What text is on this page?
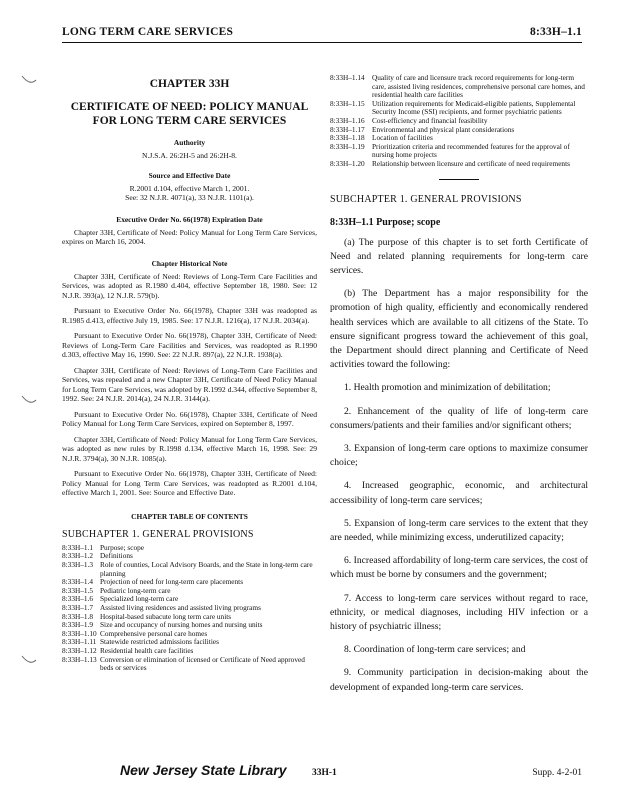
LONG TERM CARE SERVICES	8:33H–1.1
CHAPTER 33H
CERTIFICATE OF NEED: POLICY MANUAL FOR LONG TERM CARE SERVICES
Authority
N.J.S.A. 26:2H-5 and 26:2H-8.
Source and Effective Date
R.2001 d.104, effective March 1, 2001.
See: 32 N.J.R. 4071(a), 33 N.J.R. 1101(a).
Executive Order No. 66(1978) Expiration Date

Chapter 33H, Certificate of Need: Policy Manual for Long Term Care Services, expires on March 16, 2004.

Chapter Historical Note

Chapter 33H, Certificate of Need: Reviews of Long-Term Care Facilities and Services, was adopted as R.1980 d.404, effective September 18, 1980. See: 12 N.J.R. 393(a), 12 N.J.R. 579(b).

Pursuant to Executive Order No. 66(1978), Chapter 33H was readopted as R.1985 d.413, effective July 19, 1985. See: 17 N.J.R. 1216(a), 17 N.J.R. 2034(a).

Pursuant to Executive Order No. 66(1978), Chapter 33H, Certificate of Need: Reviews of Long-Term Care Facilities and Services, was readopted as R.1990 d.303, effective May 16, 1990. See: 22 N.J.R. 897(a), 22 N.J.R. 1938(a).

Chapter 33H, Certificate of Need: Reviews of Long-Term Care Facilities and Services, was repealed and a new Chapter 33H, Certificate of Need Policy Manual for Long Term Care Services, was adopted by R.1992 d.344, effective September 8, 1992. See: 24 N.J.R. 2014(a), 24 N.J.R. 3144(a).

Pursuant to Executive Order No. 66(1978), Chapter 33H, Certificate of Need Policy Manual for Long Term Care Services, expired on September 8, 1997.

Chapter 33H, Certificate of Need: Policy Manual for Long Term Care Services, was adopted as new rules by R.1998 d.134, effective March 16, 1998. See: 29 N.J.R. 3794(a), 30 N.J.R. 1085(a).

Pursuant to Executive Order No. 66(1978), Chapter 33H, Certificate of Need: Policy Manual for Long Term Care Services, was readopted as R.2001 d.104, effective March 1, 2001. See: Source and Effective Date.

CHAPTER TABLE OF CONTENTS
SUBCHAPTER 1. GENERAL PROVISIONS
8:33H–1.1 Purpose; scope
8:33H–1.2 Definitions
8:33H–1.3 Role of counties, Local Advisory Boards, and the State in long-term care planning
8:33H–1.4 Projection of need for long-term care placements
8:33H–1.5 Pediatric long-term care
8:33H–1.6 Specialized long-term care
8:33H–1.7 Assisted living residences and assisted living programs
8:33H–1.8 Hospital-based subacute long term care units
8:33H–1.9 Size and occupancy of nursing homes and nursing units
8:33H–1.10 Comprehensive personal care homes
8:33H–1.11 Statewide restricted admissions facilities
8:33H–1.12 Residential health care facilities
8:33H–1.13 Conversion or elimination of licensed or Certificate of Need approved beds or services
8:33H–1.14	Quality of care and licensure track record requirements for long-term care, assisted living residences, comprehensive personal care homes, and residential health care facilities
8:33H–1.15	Utilization requirements for Medicaid-eligible patients, Supplemental Security Income (SSI) recipients, and former psychiatric patients
8:33H–1.16	Cost-efficiency and financial feasibility
8:33H–1.17	Environmental and physical plant considerations
8:33H–1.18	Location of facilities
8:33H–1.19	Prioritization criteria and recommended features for the approval of nursing home projects
8:33H–1.20	Relationship between licensure and certificate of need requirements
SUBCHAPTER 1. GENERAL PROVISIONS
8:33H–1.1 Purpose; scope

(a) The purpose of this chapter is to set forth Certificate of Need and related planning requirements for long-term care services.

(b) The Department has a major responsibility for the promotion of high quality, efficiently and economically rendered health services which are available to all citizens of the State. To ensure significant progress toward the achievement of this goal, the Department should direct planning and Certificate of Need activities toward the following:

1. Health promotion and minimization of debilitation;

2. Enhancement of the quality of life of long-term care consumers/patients and their families and/or significant others;

3. Expansion of long-term care options to maximize consumer choice;

4. Increased geographic, economic, and architectural accessibility of long-term care services;

5. Expansion of long-term care services to the extent that they are needed, while minimizing excess, underutilized capacity;

6. Increased affordability of long-term care services, the cost of which must be borne by consumers and the government;

7. Access to long-term care services without regard to race, ethnicity, or medical diagnoses, including HIV infection or a history of psychiatric illness;

8. Coordination of long-term care services; and

9. Community participation in decision-making about the development of expanded long-term care services.

New Jersey State Library	33H-1	Supp. 4-2-01
